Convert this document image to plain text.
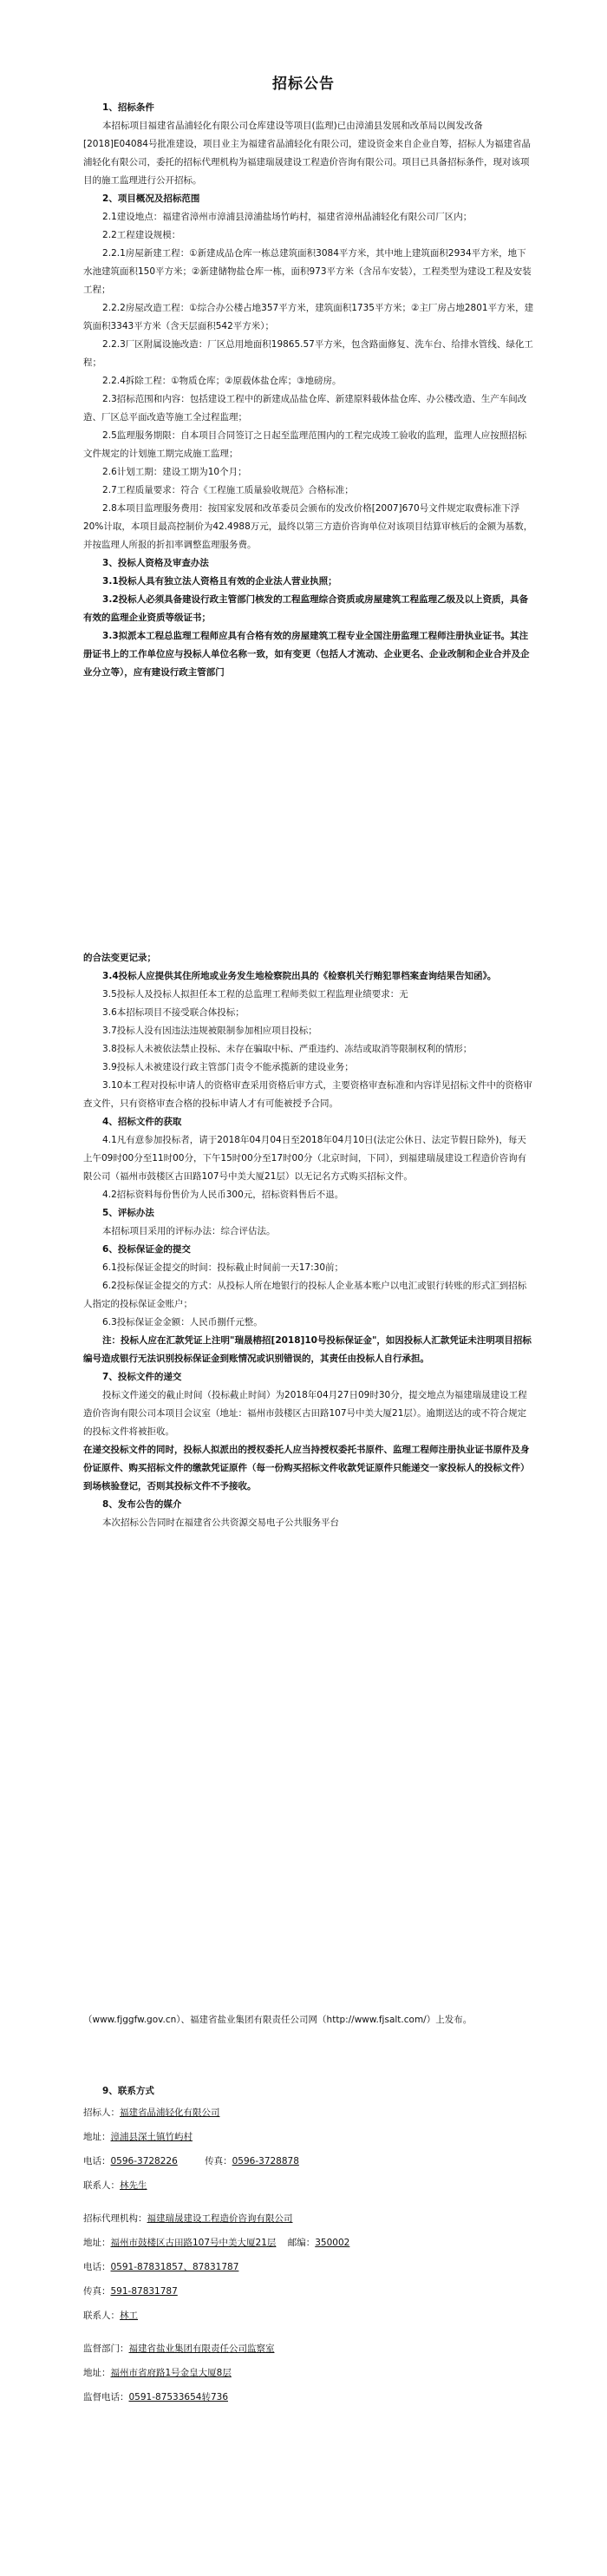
招标公告

1、招标条件

本招标项目福建省晶浦轻化有限公司仓库建设等项目(监理)已由漳浦县发展和改革局以闽发改备[2018]E04084号批准建设，项目业主为福建省晶浦轻化有限公司，建设资金来自企业自筹，招标人为福建省晶浦轻化有限公司，委托的招标代理机构为福建瑞晟建设工程造价咨询有限公司。项目已具备招标条件，现对该项目的施工监理进行公开招标。

2、项目概况及招标范围

2.1建设地点：福建省漳州市漳浦县漳浦盐场竹屿村，福建省漳州晶浦轻化有限公司厂区内；

2.2工程建设规模：

2.2.1房屋新建工程：①新建成品仓库一栋总建筑面积3084平方米，其中地上建筑面积2934平方米，地下水池建筑面积150平方米；②新建储物盐仓库一栋，面积973平方米（含吊车安装），工程类型为建设工程及安装工程；

2.2.2房屋改造工程：①综合办公楼占地357平方米，建筑面积1735平方米；②主厂房占地2801平方米，建筑面积3343平方米（含天层面积542平方米）；

2.2.3厂区附属设施改造：厂区总用地面积19865.57平方米，包含路面修复、洗车台、给排水管线、绿化工程；

2.2.4拆除工程：①物质仓库；②原载体盐仓库；③地磅房。

2.3招标范围和内容：包括建设工程中的新建成品盐仓库、新建原料载体盐仓库、办公楼改造、生产车间改造、厂区总平面改造等施工全过程监理；

2.5监理服务期限：自本项目合同签订之日起至监理范围内的工程完成竣工验收的监理，监理人应按照招标文件规定的计划施工期完成施工监理；

2.6计划工期：建设工期为10个月；

2.7工程质量要求：符合《工程施工质量验收规范》合格标准；

2.8本项目监理服务费用：按国家发展和改革委员会颁布的发改价格[2007]670号文件规定取费标准下浮20%计取，本项目最高控制价为42.4988万元，最终以第三方造价咨询单位对该项目结算审核后的金额为基数，并按监理人所报的折扣率调整监理服务费。

3、投标人资格及审查办法

3.1投标人具有独立法人资格且有效的企业法人营业执照；

3.2投标人必须具备建设行政主管部门核发的工程监理综合资质或房屋建筑工程监理乙级及以上资质，具备有效的监理企业资质等级证书；

3.3拟派本工程总监理工程师应具有合格有效的房屋建筑工程专业全国注册监理工程师注册执业证书。其注册证书上的工作单位应与投标人单位名称一致，如有变更（包括人才流动、企业更名、企业改制和企业合并及企业分立等），应有建设行政主管部门

的合法变更记录；

3.4投标人应提供其住所地或业务发生地检察院出具的《检察机关行贿犯罪档案查询结果告知函》。

3.5投标人及投标人拟担任本工程的总监理工程师类似工程监理业绩要求：无

3.6本招标项目不接受联合体投标；

3.7投标人没有因违法违规被限制参加相应项目投标；

3.8投标人未被依法禁止投标、未存在骗取中标、严重违约、冻结或取消等限制权利的情形；

3.9投标人未被建设行政主管部门责令不能承揽新的建设业务；

3.10本工程对投标申请人的资格审查采用资格后审方式，主要资格审查标准和内容详见招标文件中的资格审查文件，只有资格审查合格的投标申请人才有可能被授予合同。

4、招标文件的获取

4.1凡有意参加投标者，请于2018年04月04日至2018年04月10日(法定公休日、法定节假日除外)，每天上午09时00分至11时00分，下午15时00分至17时00分（北京时间，下同），到福建瑞晟建设工程造价咨询有限公司（福州市鼓楼区古田路107号中美大厦21层）以无记名方式购买招标文件。

4.2招标资料每份售价为人民币300元，招标资料售后不退。

5、评标办法

本招标项目采用的评标办法：综合评估法。

6、投标保证金的提交

6.1投标保证金提交的时间：投标截止时间前一天17:30前；

6.2投标保证金提交的方式：从投标人所在地银行的投标人企业基本账户以电汇或银行转账的形式汇到招标人指定的投标保证金账户；

6.3投标保证金金额：人民币捌仟元整。

注：投标人应在汇款凭证上注明"瑞晟榕招[2018]10号投标保证金"，如因投标人汇款凭证未注明项目招标编号造成银行无法识别投标保证金到账情况或识别错误的，其责任由投标人自行承担。

7、投标文件的递交

投标文件递交的截止时间（投标截止时间）为2018年04月27日09时30分，提交地点为福建瑞晟建设工程造价咨询有限公司本项目会议室（地址：福州市鼓楼区古田路107号中美大厦21层）。逾期送达的或不符合规定的投标文件将被拒收。

在递交投标文件的同时，投标人拟派出的授权委托人应当持授权委托书原件、监理工程师注册执业证书原件及身份证原件、购买招标文件的缴款凭证原件（每一份购买招标文件收款凭证原件只能递交一家投标人的投标文件）到场核验登记，否则其投标文件不予接收。

8、发布公告的媒介

本次招标公告同时在福建省公共资源交易电子公共服务平台

（www.fjggfw.gov.cn）、福建省盐业集团有限责任公司网（http://www.fjsalt.com/）上发布。

9、联系方式

招标人：福建省晶浦轻化有限公司
地址：漳浦县深土镇竹屿村
电话：0596-3728226	传真：0596-3728878
联系人：林先生
招标代理机构：福建瑞晟建设工程造价咨询有限公司
地址：福州市鼓楼区古田路107号中美大厦21层 邮编：350002
电话：0591-87831857、87831787
传真：591-87831787
联系人：林工
监督部门：福建省盐业集团有限责任公司监察室
地址：福州市省府路1号金皇大厦8层
监督电话：0591-87533654转736
